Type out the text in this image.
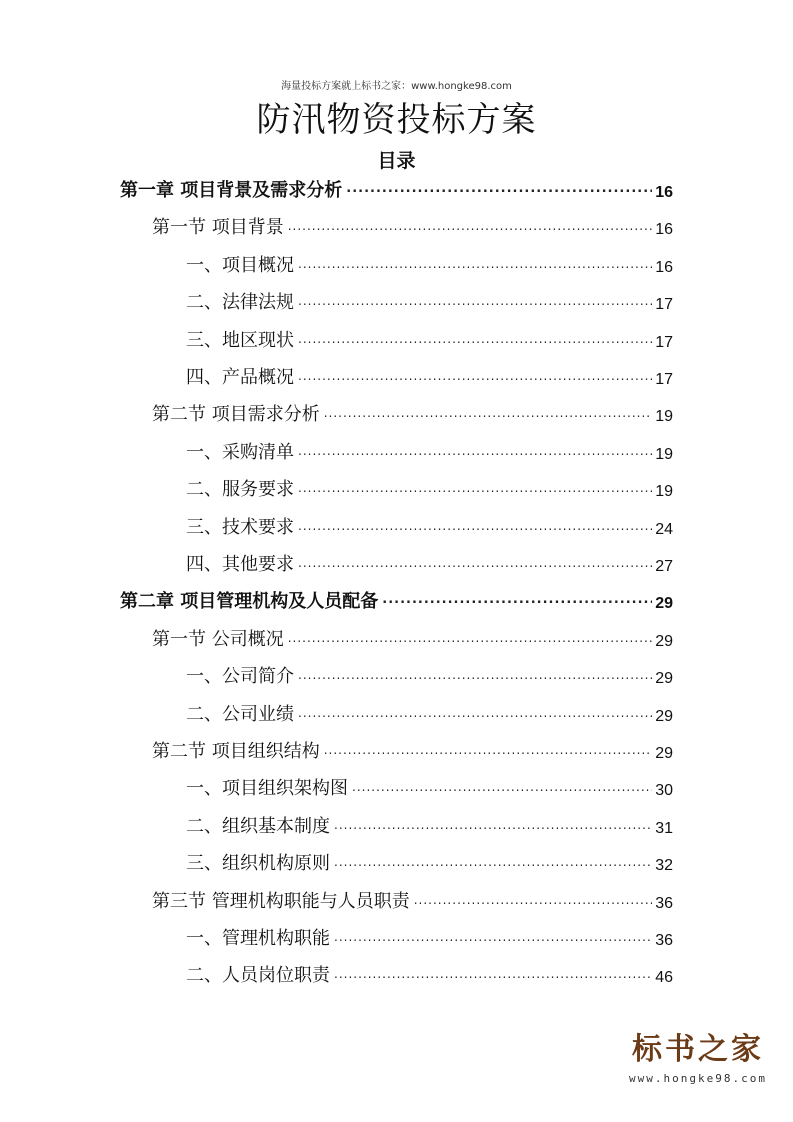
海量投标方案就上标书之家：www.hongke98.com
防汛物资投标方案
目录
第一章 项目背景及需求分析 .....	16
第一节 项目背景 .....	16
一、项目概况 .....	16
二、法律法规 .....	17
三、地区现状 .....	17
四、产品概况 .....	17
第二节 项目需求分析 .....	19
一、采购清单 .....	19
二、服务要求 .....	19
三、技术要求 .....	24
四、其他要求 .....	27
第二章 项目管理机构及人员配备 .....	29
第一节 公司概况 .....	29
一、公司简介 .....	29
二、公司业绩 .....	29
第二节 项目组织结构 .....	29
一、项目组织架构图 .....	30
二、组织基本制度 .....	31
三、组织机构原则 .....	32
第三节 管理机构职能与人员职责 .....	36
一、管理机构职能 .....	36
二、人员岗位职责 .....	46
标书之家
www.hongke98.com
